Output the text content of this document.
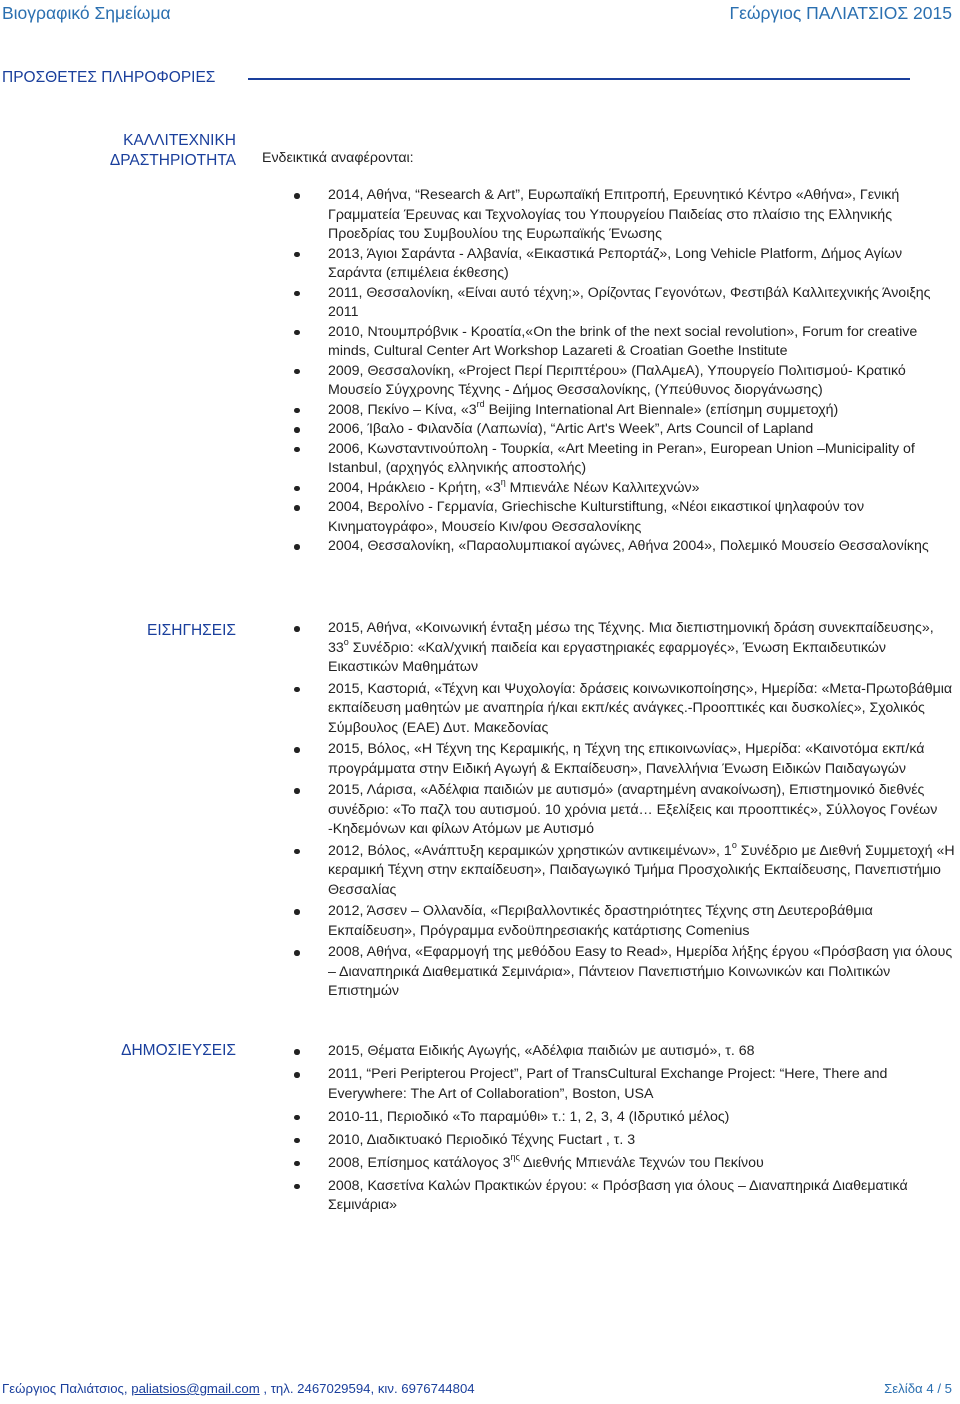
Βιογραφικό Σημείωμα	Γεώργιος ΠΑΛΙΑΤΣΙΟΣ 2015
ΠΡΟΣΘΕΤΕΣ ΠΛΗΡΟΦΟΡΙΕΣ
ΚΑΛΛΙΤΕΧΝΙΚΗ
ΔΡΑΣΤΗΡΙΟΤΗΤΑ Ενδεικτικά αναφέρονται:
2014, Αθήνα, “Research & Art”, Ευρωπαϊκή Επιτροπή, Ερευνητικό Κέντρο «Αθήνα», Γενική Γραμματεία Έρευνας και Τεχνολογίας του Υπουργείου Παιδείας στο πλαίσιο της Ελληνικής Προεδρίας του Συμβουλίου της Ευρωπαϊκής Ένωσης
2013, Άγιοι Σαράντα - Αλβανία, «Εικαστικά Ρεπορτάζ», Long Vehicle Platform, Δήμος Αγίων Σαράντα (επιμέλεια έκθεσης)
2011, Θεσσαλονίκη, «Είναι αυτό τέχνη;», Ορίζοντας Γεγονότων, Φεστιβάλ Καλλιτεχνικής Άνοιξης 2011
2010, Ντουμπρόβνικ - Κροατία,«On the brink of the next social revolution», Forum for creative minds, Cultural Center Art Workshop Lazareti & Croatian Goethe Institute
2009, Θεσσαλονίκη, «Project Περί Περιπτέρου» (ΠαλΑμεΑ), Υπουργείο Πολιτισμού- Κρατικό Μουσείο Σύγχρονης Τέχνης - Δήμος Θεσσαλονίκης, (Υπεύθυνος διοργάνωσης)
2008, Πεκίνο – Κίνα, «3rd Beijing International Art Biennale» (επίσημη συμμετοχή)
2006, Ίβαλο - Φιλανδία (Λαπωνία), “Artic Art's Week”, Arts Council of Lapland
2006, Κωνσταντινούπολη - Τουρκία, «Art Meeting in Peran», European Union –Municipality of Istanbul, (αρχηγός ελληνικής αποστολής)
2004, Ηράκλειο - Κρήτη, «$3^\eta$ Μπιενάλε Νέων Καλλιτεχνών»
2004, Βερολίνο - Γερμανία, Griechische Kulturstiftung, «Νέοι εικαστικοί ψηλαφούν τον Κινηματογράφο», Μουσείο Κιν/φου Θεσσαλονίκης
2004, Θεσσαλονίκη, «Παραολυμπιακοί αγώνες, Αθήνα 2004», Πολεμικό Μουσείο Θεσσαλονίκης
ΕΙΣΗΓΗΣΕΙΣ	2015, Αθήνα, «Κοινωνική ένταξη μέσω της Τέχνης. Μια διεπιστημονική δράση συνεκπαίδευσης», $33^o$ Συνέδριο: «Καλ/χνική παιδεία και εργαστηριακές εφαρμογές», Ένωση Εκπαιδευτικών Εικαστικών Μαθημάτων
2015, Καστοριά, «Τέχνη και Ψυχολογία: δράσεις κοινωνικοποίησης», Ημερίδα: «Μετα-Πρωτοβάθμια εκπαίδευση μαθητών με αναπηρία ή/και εκπ/κές ανάγκες.-Προοπτικές και δυσκολίες», Σχολικός Σύμβουλος (ΕΑΕ) Δυτ. Μακεδονίας
2015, Βόλος, «Η Τέχνη της Κεραμικής, η Τέχνη της επικοινωνίας», Ημερίδα: «Καινοτόμα εκπ/κά προγράμματα στην Ειδική Αγωγή & Εκπαίδευση», Πανελλήνια Ένωση Ειδικών Παιδαγωγών
2015, Λάρισα, «Αδέλφια παιδιών με αυτισμό» (αναρτημένη ανακοίνωση), Επιστημονικό διεθνές συνέδριο: «Το παζλ του αυτισμού. 10 χρόνια μετά… Εξελίξεις και προοπτικές», Σύλλογος Γονέων -Κηδεμόνων και φίλων Ατόμων με Αυτισμό
2012, Βόλος, «Ανάπτυξη κεραμικών χρηστικών αντικειμένων», $1^o$ Συνέδριο με Διεθνή Συμμετοχή «Η κεραμική Τέχνη στην εκπαίδευση», Παιδαγωγικό Τμήμα Προσχολικής Εκπαίδευσης, Πανεπιστήμιο Θεσσαλίας
2012, Άσσεν – Ολλανδία, «Περιβαλλοντικές δραστηριότητες Τέχνης στη Δευτεροβάθμια Εκπαίδευση», Πρόγραμμα ενδοϋπηρεσιακής κατάρτισης Comenius
2008, Αθήνα, «Εφαρμογή της μεθόδου Easy to Read», Ημερίδα λήξης έργου «Πρόσβαση για όλους – Διαναπηρικά Διαθεματικά Σεμινάρια», Πάντειον Πανεπιστήμιο Κοινωνικών και Πολιτικών Επιστημών
ΔΗΜΟΣΙΕΥΣΕΙΣ	2015, Θέματα Ειδικής Αγωγής, «Αδέλφια παιδιών με αυτισμό», τ. 68
2011, “Peri Peripterou Project”, Part of TransCultural Exchange Project: “Here, There and Everywhere: The Art of Collaboration”, Boston, USA
2010-11, Περιοδικό «Το παραμύθι» τ.: 1, 2, 3, 4 (Ιδρυτικό μέλος)
2010, Διαδικτυακό Περιοδικό Τέχνης Fuctart , τ. 3
2008, Επίσημος κατάλογος $3^{\eta\varsigma}$ Διεθνής Μπιενάλε Τεχνών του Πεκίνου
2008, Κασετίνα Καλών Πρακτικών έργου: « Πρόσβαση για όλους – Διαναπηρικά Διαθεματικά Σεμινάρια»
Γεώργιος Παλιάτσιος, paliatsios@gmail.com , τηλ. 2467029594, κιν. 6976744804	Σελίδα 4 / 5
